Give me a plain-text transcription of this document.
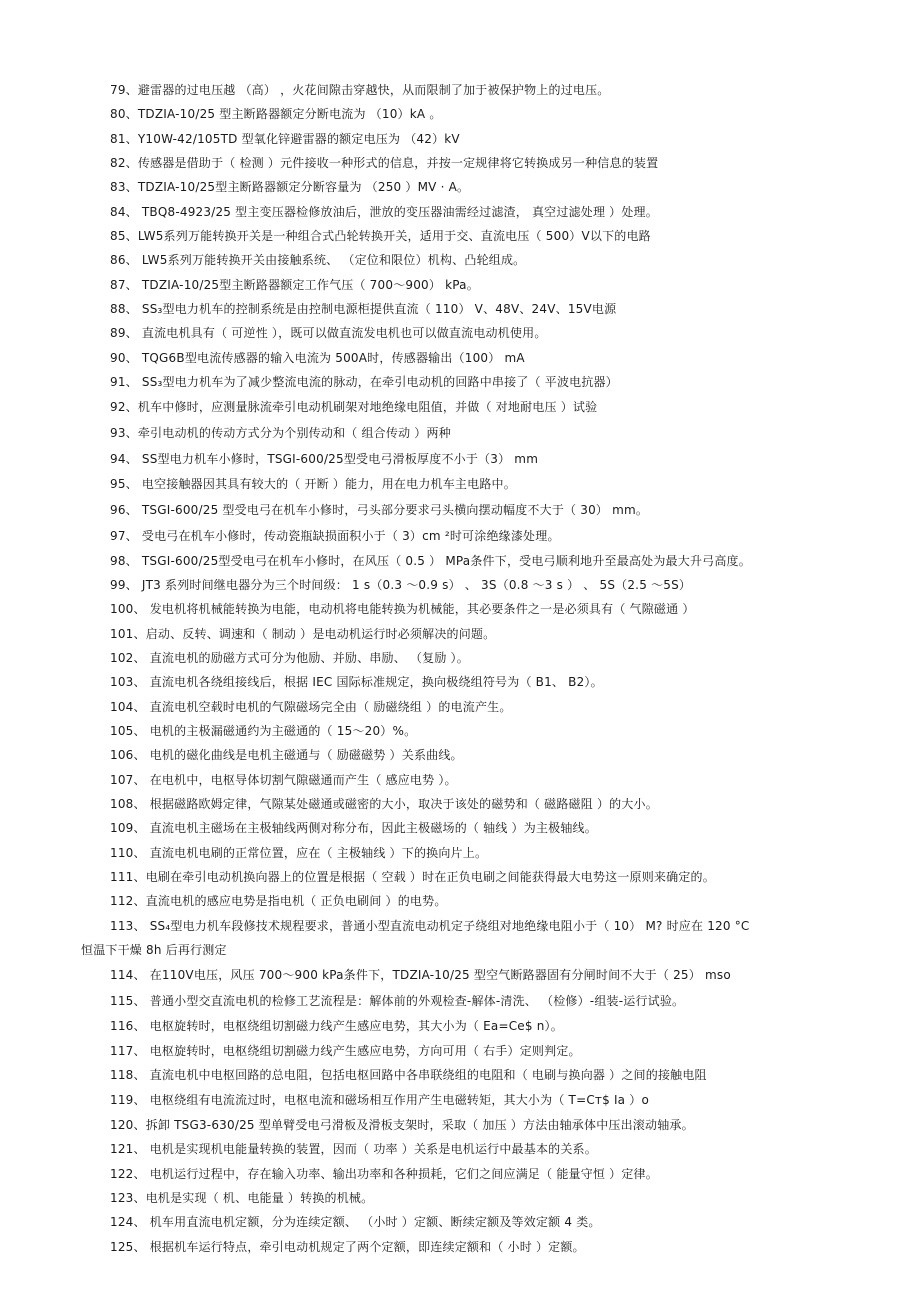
79、避雷器的过电压越 （高） ，火花间隙击穿越快，从而限制了加于被保护物上的过电压。
80、TDZIA-10/25 型主断路器额定分断电流为 （10）kA 。
81、Y10W-42/105TD 型氧化锌避雷器的额定电压为 （42）kV
82、传感器是借助于（ 检测 ）元件接收一种形式的信息，并按一定规律将它转换成另一种信息的装置
83、TDZIA-10/25型主断路器额定分断容量为 （250 ）MV · A。
84、 TBQ8-4923/25 型主变压器检修放油后，泄放的变压器油需经过滤渣， 真空过滤处理 ）处理。
85、LW5系列万能转换开关是一种组合式凸轮转换开关，适用于交、直流电压（ 500）V以下的电路
86、 LW5系列万能转换开关由接触系统、 （定位和限位）机构、凸轮组成。
87、 TDZIA-10/25型主断路器额定工作气压（ 700～900） kPa。
88、 SS₃型电力机车的控制系统是由控制电源柜提供直流（ 110） V、48V、24V、15V电源
89、 直流电机具有（ 可逆性 ），既可以做直流发电机也可以做直流电动机使用。
90、 TQG6B型电流传感器的输入电流为 500A时，传感器输出（100） mA
91、 SS₃型电力机车为了减少整流电流的脉动，在牵引电动机的回路中串接了（ 平波电抗器）
92、机车中修时，应测量脉流牵引电动机刷架对地绝缘电阻值，并做（ 对地耐电压 ）试验
93、牵引电动机的传动方式分为个别传动和（ 组合传动 ）两种
94、 SS型电力机车小修时，TSGI-600/25型受电弓滑板厚度不小于（3） mm
95、 电空接触器因其具有较大的（ 开断 ）能力，用在电力机车主电路中。
96、 TSGI-600/25 型受电弓在机车小修时，弓头部分要求弓头横向摆动幅度不大于（ 30） mm。
97、 受电弓在机车小修时，传动瓷瓶缺损面积小于（ 3）cm ²时可涂绝缘漆处理。
98、 TSGI-600/25型受电弓在机车小修时，在风压（ 0.5 ） MPa条件下，受电弓顺利地升至最高处为最大升弓高度。
99、 JT3 系列时间继电器分为三个时间级： 1 s（0.3 ～0.9 s） 、 3S（0.8 ～3 s ） 、 5S（2.5 ～5S）
100、 发电机将机械能转换为电能，电动机将电能转换为机械能，其必要条件之一是必须具有（ 气隙磁通 ）
101、启动、反转、调速和（ 制动 ）是电动机运行时必须解决的问题。
102、 直流电机的励磁方式可分为他励、并励、串励、 （复励 ）。
103、 直流电机各绕组接线后，根据 IEC 国际标准规定，换向极绕组符号为（ B1、 B2）。
104、 直流电机空载时电机的气隙磁场完全由（ 励磁绕组 ）的电流产生。
105、 电机的主极漏磁通约为主磁通的（ 15～20）%。
106、 电机的磁化曲线是电机主磁通与（ 励磁磁势 ）关系曲线。
107、 在电机中，电枢导体切割气隙磁通而产生（ 感应电势 ）。
108、 根据磁路欧姆定律，气隙某处磁通或磁密的大小，取决于该处的磁势和（ 磁路磁阻 ）的大小。
109、 直流电机主磁场在主极轴线两侧对称分布，因此主极磁场的（ 轴线 ）为主极轴线。
110、 直流电机电刷的正常位置，应在（ 主极轴线 ）下的换向片上。
111、电刷在牵引电动机换向器上的位置是根据（ 空载 ）时在正负电刷之间能获得最大电势这一原则来确定的。
112、直流电机的感应电势是指电机（ 正负电刷间 ）的电势。
113、 SS₄型电力机车段修技术规程要求，普通小型直流电动机定子绕组对地绝缘电阻小于（ 10） M? 时应在 120 °C
恒温下干燥 8h 后再行测定
114、 在110V电压，风压 700～900 kPa条件下，TDZIA-10/25 型空气断路器固有分闸时间不大于（ 25） mso
115、 普通小型交直流电机的检修工艺流程是：解体前的外观检查-解体-清洗、 （检修）-组装-运行试验。
116、 电枢旋转时，电枢绕组切割磁力线产生感应电势，其大小为（ Ea=Ce$ n）。
117、 电枢旋转时，电枢绕组切割磁力线产生感应电势，方向可用（ 右手）定则判定。
118、 直流电机中电枢回路的总电阻，包括电枢回路中各串联绕组的电阻和（ 电刷与换向器 ）之间的接触电阻
119、 电枢绕组有电流流过时，电枢电流和磁场相互作用产生电磁转矩，其大小为（ T=Cт$ Ia ）o
120、拆卸 TSG3-630/25 型单臂受电弓滑板及滑板支架时，采取（ 加压 ）方法由轴承体中压出滚动轴承。
121、 电机是实现机电能量转换的装置，因而（ 功率 ）关系是电机运行中最基本的关系。
122、 电机运行过程中，存在输入功率、输出功率和各种损耗，它们之间应满足（ 能量守恒 ）定律。
123、电机是实现（ 机、电能量 ）转换的机械。
124、 机车用直流电机定额，分为连续定额、 （小时 ）定额、断续定额及等效定额 4 类。
125、 根据机车运行特点，牵引电动机规定了两个定额，即连续定额和（ 小时 ）定额。
